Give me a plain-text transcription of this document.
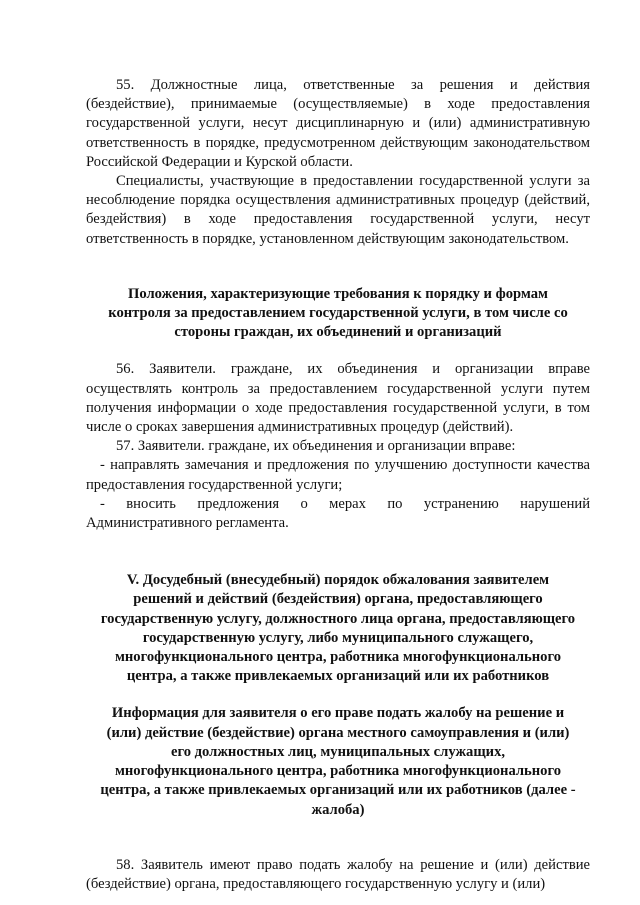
55. Должностные лица, ответственные за решения и действия (бездействие), принимаемые (осуществляемые) в ходе предоставления государственной услуги, несут дисциплинарную и (или) административную ответственность в порядке, предусмотренном действующим законодательством Российской Федерации и Курской области.

Специалисты, участвующие в предоставлении государственной услуги за несоблюдение порядка осуществления административных процедур (действий, бездействия) в ходе предоставления государственной услуги, несут ответственность в порядке, установленном действующим законодательством.

Положения, характеризующие требования к порядку и формам контроля за предоставлением государственной услуги, в том числе со стороны граждан, их объединений и организаций

56. Заявители. граждане, их объединения и организации вправе осуществлять контроль за предоставлением государственной услуги путем получения информации о ходе предоставления государственной услуги, в том числе о сроках завершения административных процедур (действий).

57. Заявители. граждане, их объединения и организации вправе:

- направлять замечания и предложения по улучшению доступности качества предоставления государственной услуги;

- вносить предложения о мерах по устранению нарушений Административного регламента.

V. Досудебный (внесудебный) порядок обжалования заявителем решений и действий (бездействия) органа, предоставляющего государственную услугу, должностного лица органа, предоставляющего государственную услугу, либо муниципального служащего, многофункционального центра, работника многофункционального центра, а также привлекаемых организаций или их работников

Информация для заявителя о его праве подать жалобу на решение и (или) действие (бездействие) органа местного самоуправления и (или) его должностных лиц, муниципальных служащих, многофункционального центра, работника многофункционального центра, а также привлекаемых организаций или их работников (далее - жалоба)

58. Заявитель имеют право подать жалобу на решение и (или) действие (бездействие) органа, предоставляющего государственную услугу и (или)
